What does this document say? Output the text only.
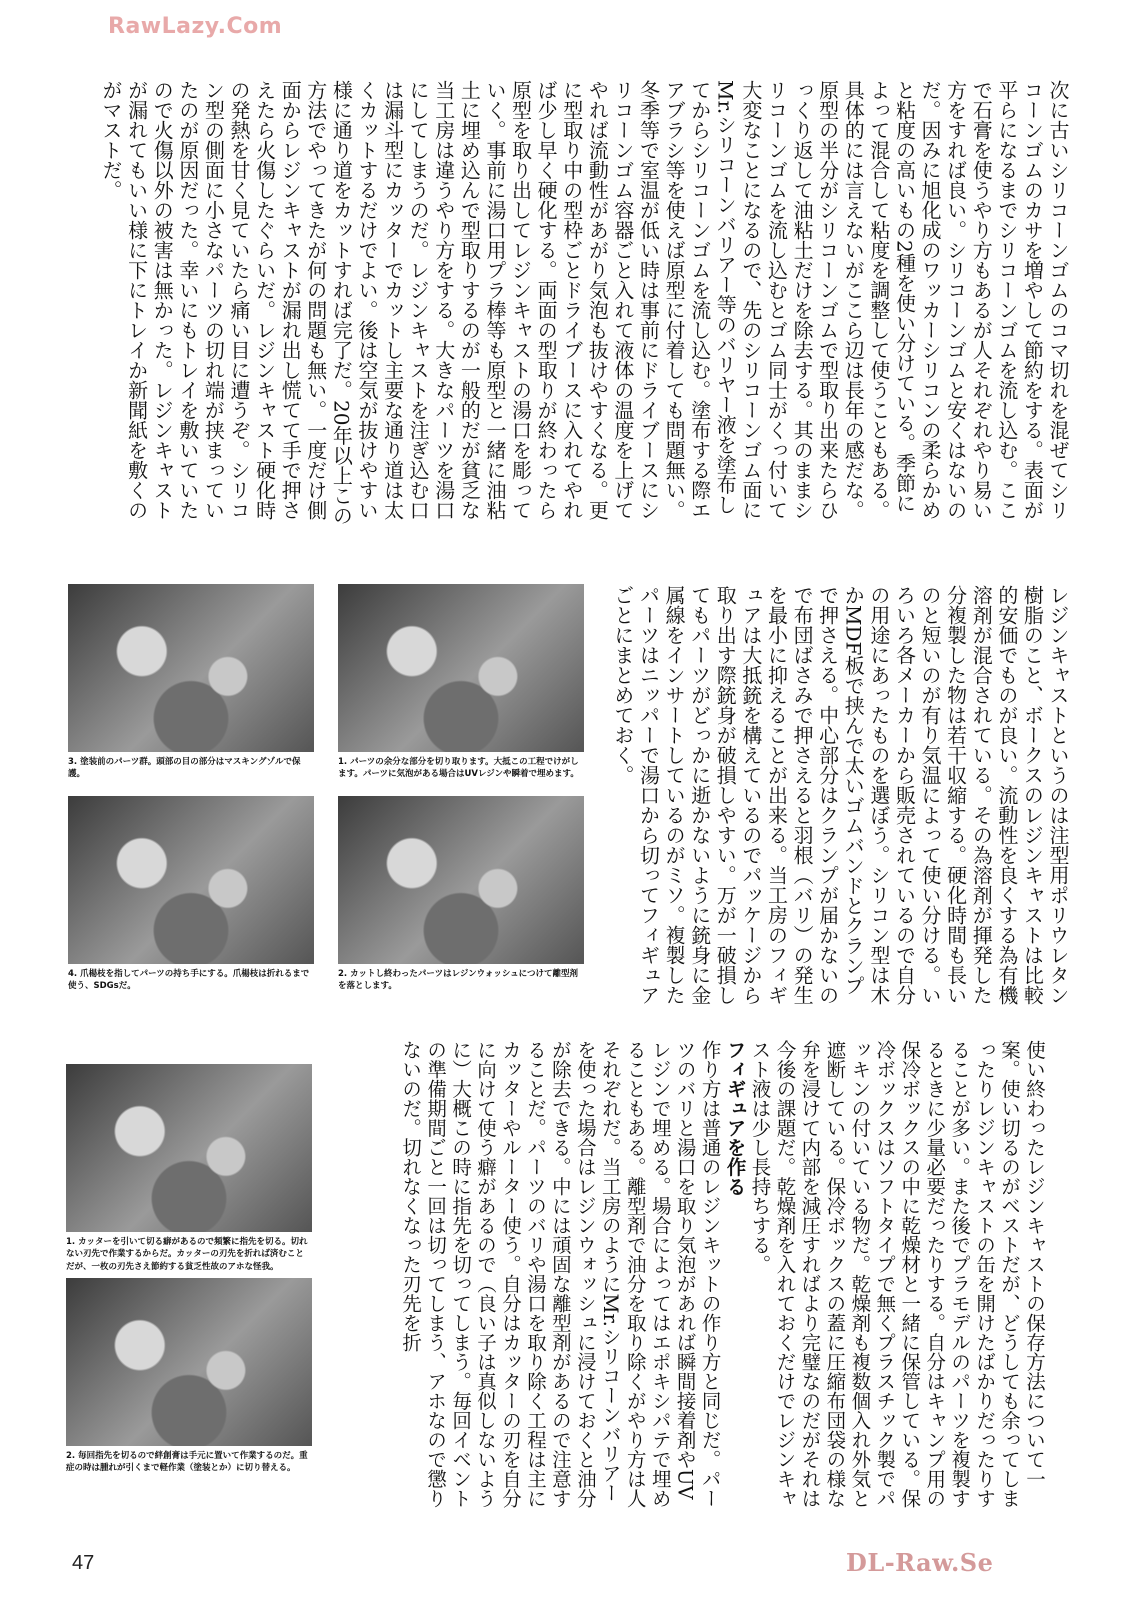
RawLazy.Com

次に古いシリコーンゴムのコマ切れを混ぜてシリコーンゴムのカサを増やして節約をする。表面が平らになるまでシリコーンゴムを流し込む。ここで石膏を使うやり方もあるが人それぞれやり易い方をすれば良い。シリコーンゴムと安くはないのだ。因みに旭化成のワッカーシリコンの柔らかめと粘度の高いもの2種を使い分けている。季節によって混合して粘度を調整して使うこともある。具体的には言えないがここら辺は長年の感だな。原型の半分がシリコーンゴムで型取り出来たらひっくり返して油粘土だけを除去する。其のままシリコーンゴムを流し込むとゴム同士がくっ付いて大変なことになるので、先のシリコーンゴム面にMr.シリコーンバリアー等のバリヤー液を塗布してからシリコーンゴムを流し込む。塗布する際エアブラシ等を使えば原型に付着しても問題無い。冬季等で室温が低い時は事前にドライブースにシリコーンゴム容器ごと入れて液体の温度を上げてやれば流動性があがり気泡も抜けやすくなる。更に型取り中の型枠ごとドライブースに入れてやれば少し早く硬化する。両面の型取りが終わったら原型を取り出してレジンキャストの湯口を彫っていく。事前に湯口用プラ棒等も原型と一緒に油粘土に埋め込んで型取りするのが一般的だが貧乏な当工房は違うやり方をする。大きなパーツを湯口にしてしまうのだ。レジンキャストを注ぎ込む口は漏斗型にカッターでカットし主要な通り道は太くカットするだけでよい。後は空気が抜けやすい様に通り道をカットすれば完了だ。20年以上この方法でやってきたが何の問題も無い。一度だけ側面からレジンキャストが漏れ出し慌てて手で押さえたら火傷したぐらいだ。レジンキャスト硬化時の発熱を甘く見ていたら痛い目に遭うぞ。シリコン型の側面に小さなパーツの切れ端が挟まっていたのが原因だった。幸いにもトレイを敷いていたので火傷以外の被害は無かった。レジンキャストが漏れてもいい様に下にトレイか新聞紙を敷くのがマストだ。

3. 塗装前のパーツ群。頭部の目の部分はマスキングゾルで保護。
1. パーツの余分な部分を切り取ります。大抵この工程でけがします。パーツに気泡がある場合はUVレジンや瞬着で埋めます。
4. 爪楊枝を指してパーツの持ち手にする。爪楊枝は折れるまで使う、SDGsだ。
2. カットし終わったパーツはレジンウォッシュにつけて離型剤を落とします。	レジンキャストというのは注型用ポリウレタン樹脂のこと、ボークスのレジンキャストは比較的安価でものが良い。流動性を良くする為有機溶剤が混合されている。その為溶剤が揮発した分複製した物は若干収縮する。硬化時間も長いのと短いのが有り気温によって使い分ける。いろいろ各メーカーから販売されているので自分の用途にあったものを選ぼう。シリコン型は木かMDF板で挟んで太いゴムバンドとクランプで押さえる。中心部分はクランプが届かないので布団ばさみで押さえると羽根（バリ）の発生を最小に抑えることが出来る。当工房のフィギュアは大抵銃を構えているのでパッケージから取り出す際銃身が破損しやすい。万が一破損してもパーツがどっかに逝かないように銃身に金属線をインサートしているのがミソ。複製したパーツはニッパーで湯口から切ってフィギュアごとにまとめておく。

1. カッターを引いて切る癖があるので頻繁に指先を切る。切れない刃先で作業するからだ。カッターの刃先を折れば済むことだが、一枚の刃先さえ節約する貧乏性故のアホな怪我。
2. 毎回指先を切るので絆創膏は手元に置いて作業するのだ。重症の時は腫れが引くまで軽作業（塗装とか）に切り替える。	使い終わったレジンキャストの保存方法について一案。使い切るのがベストだが、どうしても余ってしまったりレジンキャストの缶を開けたばかりだったりすることが多い。また後でプラモデルのパーツを複製するときに少量必要だったりする。自分はキャンプ用の保冷ボックスの中に乾燥材と一緒に保管している。保冷ボックスはソフトタイプで無くプラスチック製でパッキンの付いている物だ。乾燥剤も複数個入れ外気と遮断している。保冷ボックスの蓋に圧縮布団袋の様な弁を浸けて内部を減圧すればより完璧なのだがそれは今後の課題だ。乾燥剤を入れておくだけでレジンキャスト液は少し長持ちする。

フィギュアを作る

作り方は普通のレジンキットの作り方と同じだ。パーツのバリと湯口を取り気泡があれば瞬間接着剤やUVレジンで埋める。場合によってはエポキシパテで埋めることもある。離型剤で油分を取り除くがやり方は人それぞれだ。当工房のようにMr.シリコーンバリアーを使った場合はレジンウォッシュに浸けておくと油分が除去できる。中には頑固な離型剤があるので注意することだ。パーツのバリや湯口を取り除く工程は主にカッターやルーター使う。自分はカッターの刃を自分に向けて使う癖があるので（良い子は真似しないように）大概この時に指先を切ってしまう。毎回イベントの準備期間ごと一回は切ってしまう、アホなので懲りないのだ。切れなくなった刃先を折

47	DL-Raw.Se
